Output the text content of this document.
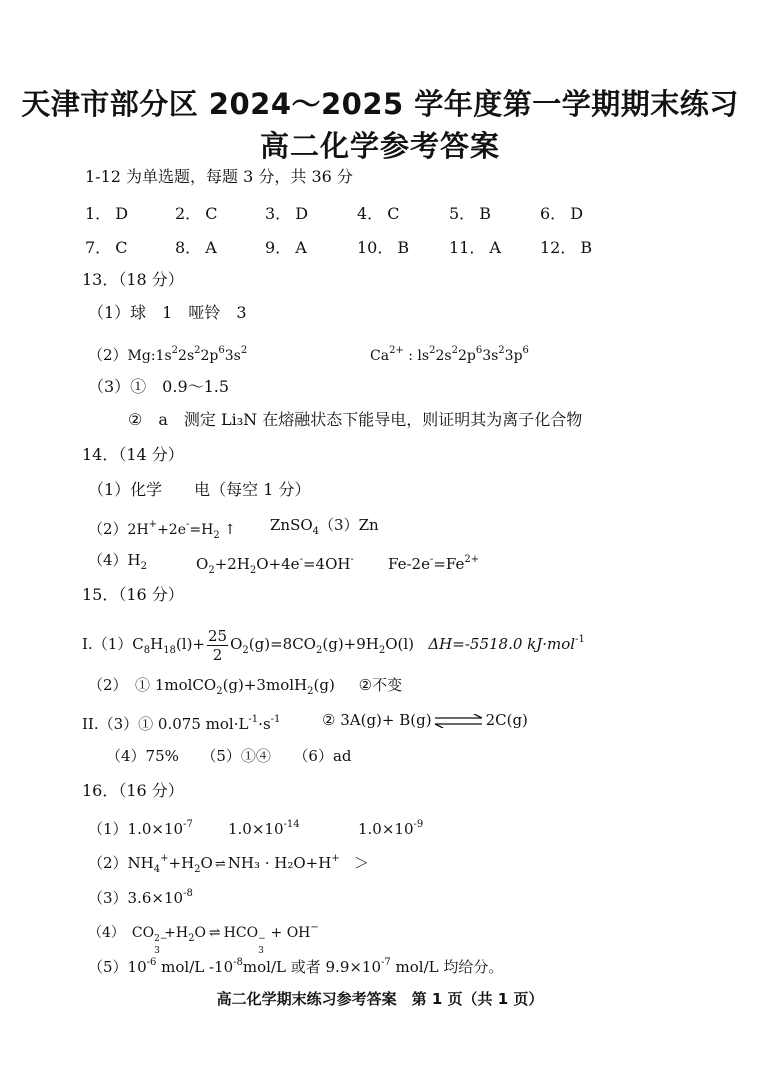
天津市部分区 2024～2025 学年度第一学期期末练习
高二化学参考答案
1-12 为单选题，每题 3 分，共 36 分
1． D	2． C	3． D	4． C	5． B	6． D
7． C	8． A	9． A	10． B 11． A 12． B
13．（18 分）
（1）球　1　哑铃　3
$(2)Mg:1s^22s^22p^63s^2$	$Ca^{2+}$ : $ls^22s^22p^63s^23p^6$
（3）①　0.9～1.5
②　a　测定 Li₃N 在熔融状态下能导电，则证明其为离子化合物
14．（14 分）
（1）化学　　电（每空 1 分）
$(2)2H^++2e^-=H_2$ ↑ ZnSO$_4$（3）Zn
$(4)H_2$	$O_2+2H_2O+4e^-=4OH^-$ $Fe-2e^-=Fe^{2+}$
15．（16 分）
$I.(1)C_8H_{18}(l)+ \frac{25}{2} O_2(g)=8CO_2(g)+9H_2O(l)$   ΔH=-5518.0 kJ·mol$^{-1}$
（2）　① 1molCO$_2$(g)+3molH$_2$(g)     ②不变
II.（3）① 0.075 $mol\cdot L^{-1}\cdot s^{-1}$	② 3A(g)+ B(g) ⇌ 2C(g)
（4）75%　　（5）①④　　（6）ad
16．（16 分）
$(1)1.0\times 10^{-7}$ $1.0\times 10^{-14}$	$1.0\times 10^{-9}$
$(2)NH_4^++H_2O$ ⇌ NH₃ · H₂O+H+ ＞
$(3)3.6\times 10^{-8}$
（4）　CO 2−
3
$+H_2O$ ⇌ HCO −
3
+ OH−
$(5)10^{-6}$ mol/L $-10^{-8}mol/L$ 或者 $9.9\times 10^{-7}$ mol/L 均给分。
高二化学期末练习参考答案　第 1 页（共 1 页）
